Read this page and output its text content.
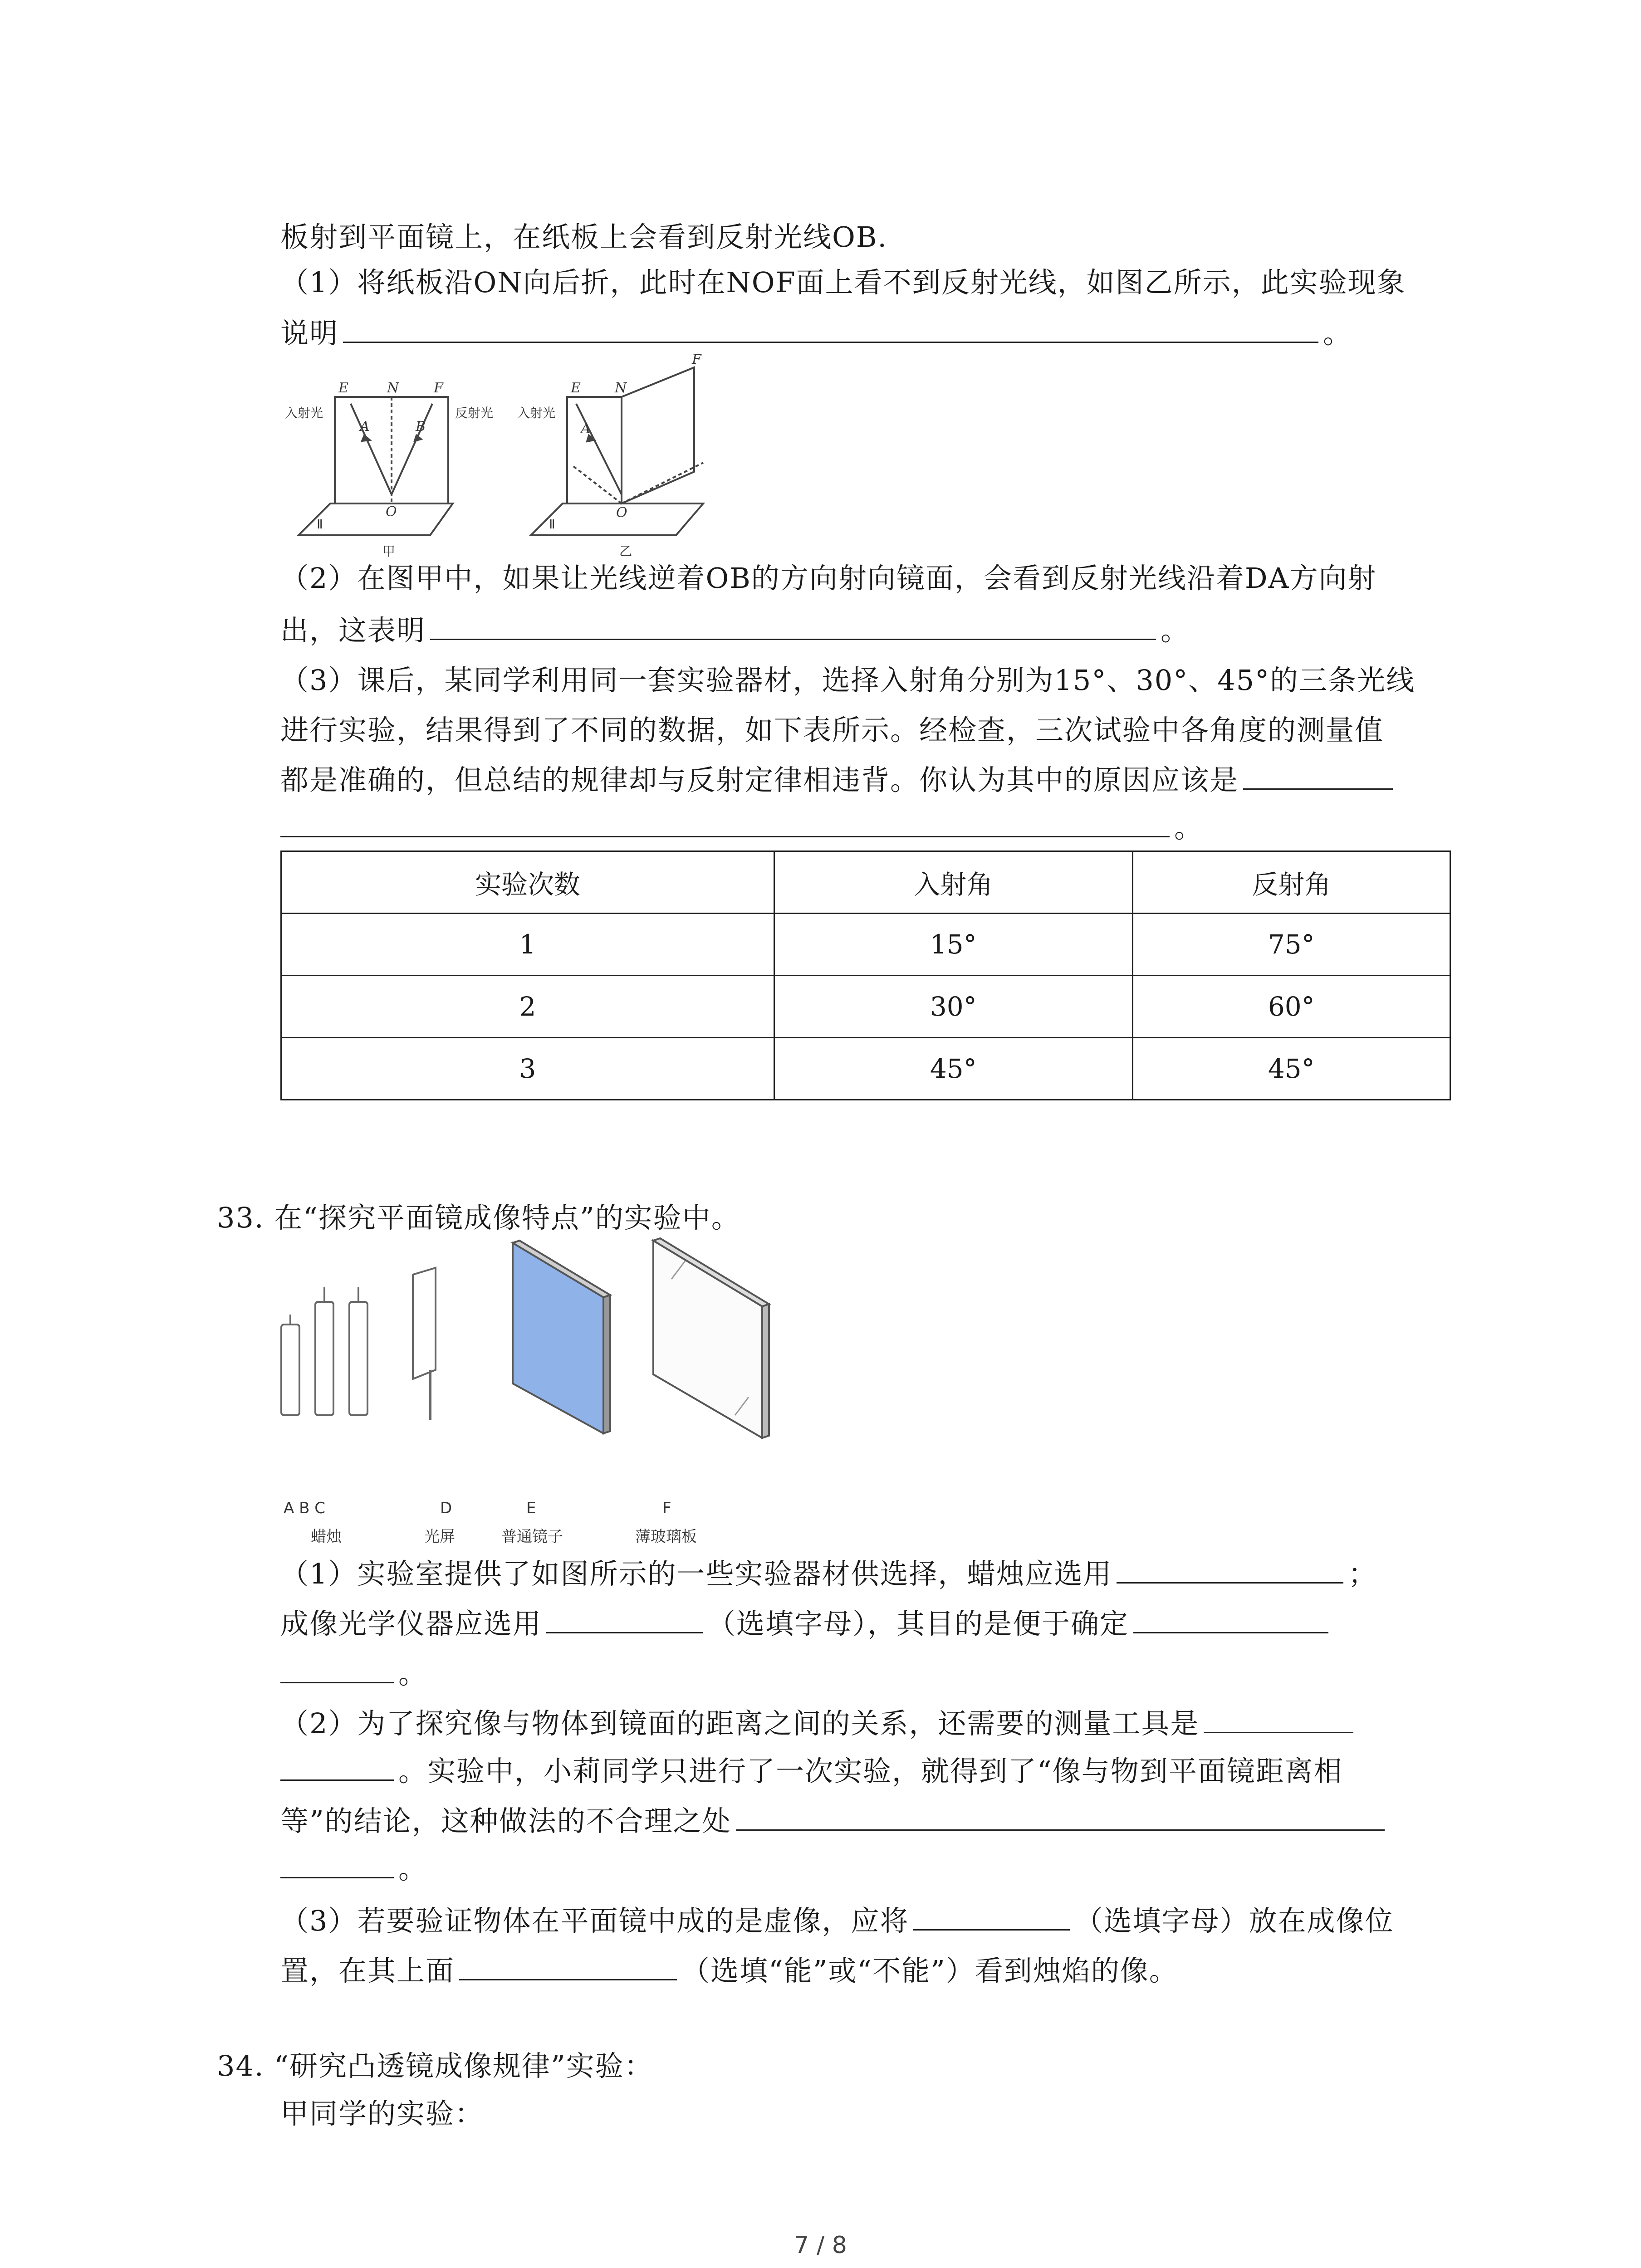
板射到平面镜上，在纸板上会看到反射光线OB.
（1）将纸板沿ON向后折，此时在NOF面上看不到反射光线，如图乙所示，此实验现象
说明	。
E	N	F
A	B
O
入射光	反射光
Ⅱ
甲
E	N
F
A
O
入射光
Ⅱ
乙
（2）在图甲中，如果让光线逆着OB的方向射向镜面，会看到反射光线沿着DA方向射
出，这表明	。
（3）课后，某同学利用同一套实验器材，选择入射角分别为15°、30°、45°的三条光线
进行实验，结果得到了不同的数据，如下表所示。经检查，三次试验中各角度的测量值
都是准确的，但总结的规律却与反射定律相违背。你认为其中的原因应该是
。
实验次数	入射角	反射角
1	15°	75°
2	30°	60°
3	45°	45°
33. 在“探究平面镜成像特点”的实验中。
A B C	D	E	F
蜡烛	光屏	普通镜子	薄玻璃板
（1）实验室提供了如图所示的一些实验器材供选择，蜡烛应选用	；
成像光学仪器应选用	（选填字母），其目的是便于确定
。
（2）为了探究像与物体到镜面的距离之间的关系，还需要的测量工具是
。实验中，小莉同学只进行了一次实验，就得到了“像与物到平面镜距离相
等”的结论，这种做法的不合理之处
。
（3）若要验证物体在平面镜中成的是虚像，应将	（选填字母）放在成像位
置，在其上面	（选填“能”或“不能”）看到烛焰的像。
34. “研究凸透镜成像规律”实验：
甲同学的实验：
7 / 8
